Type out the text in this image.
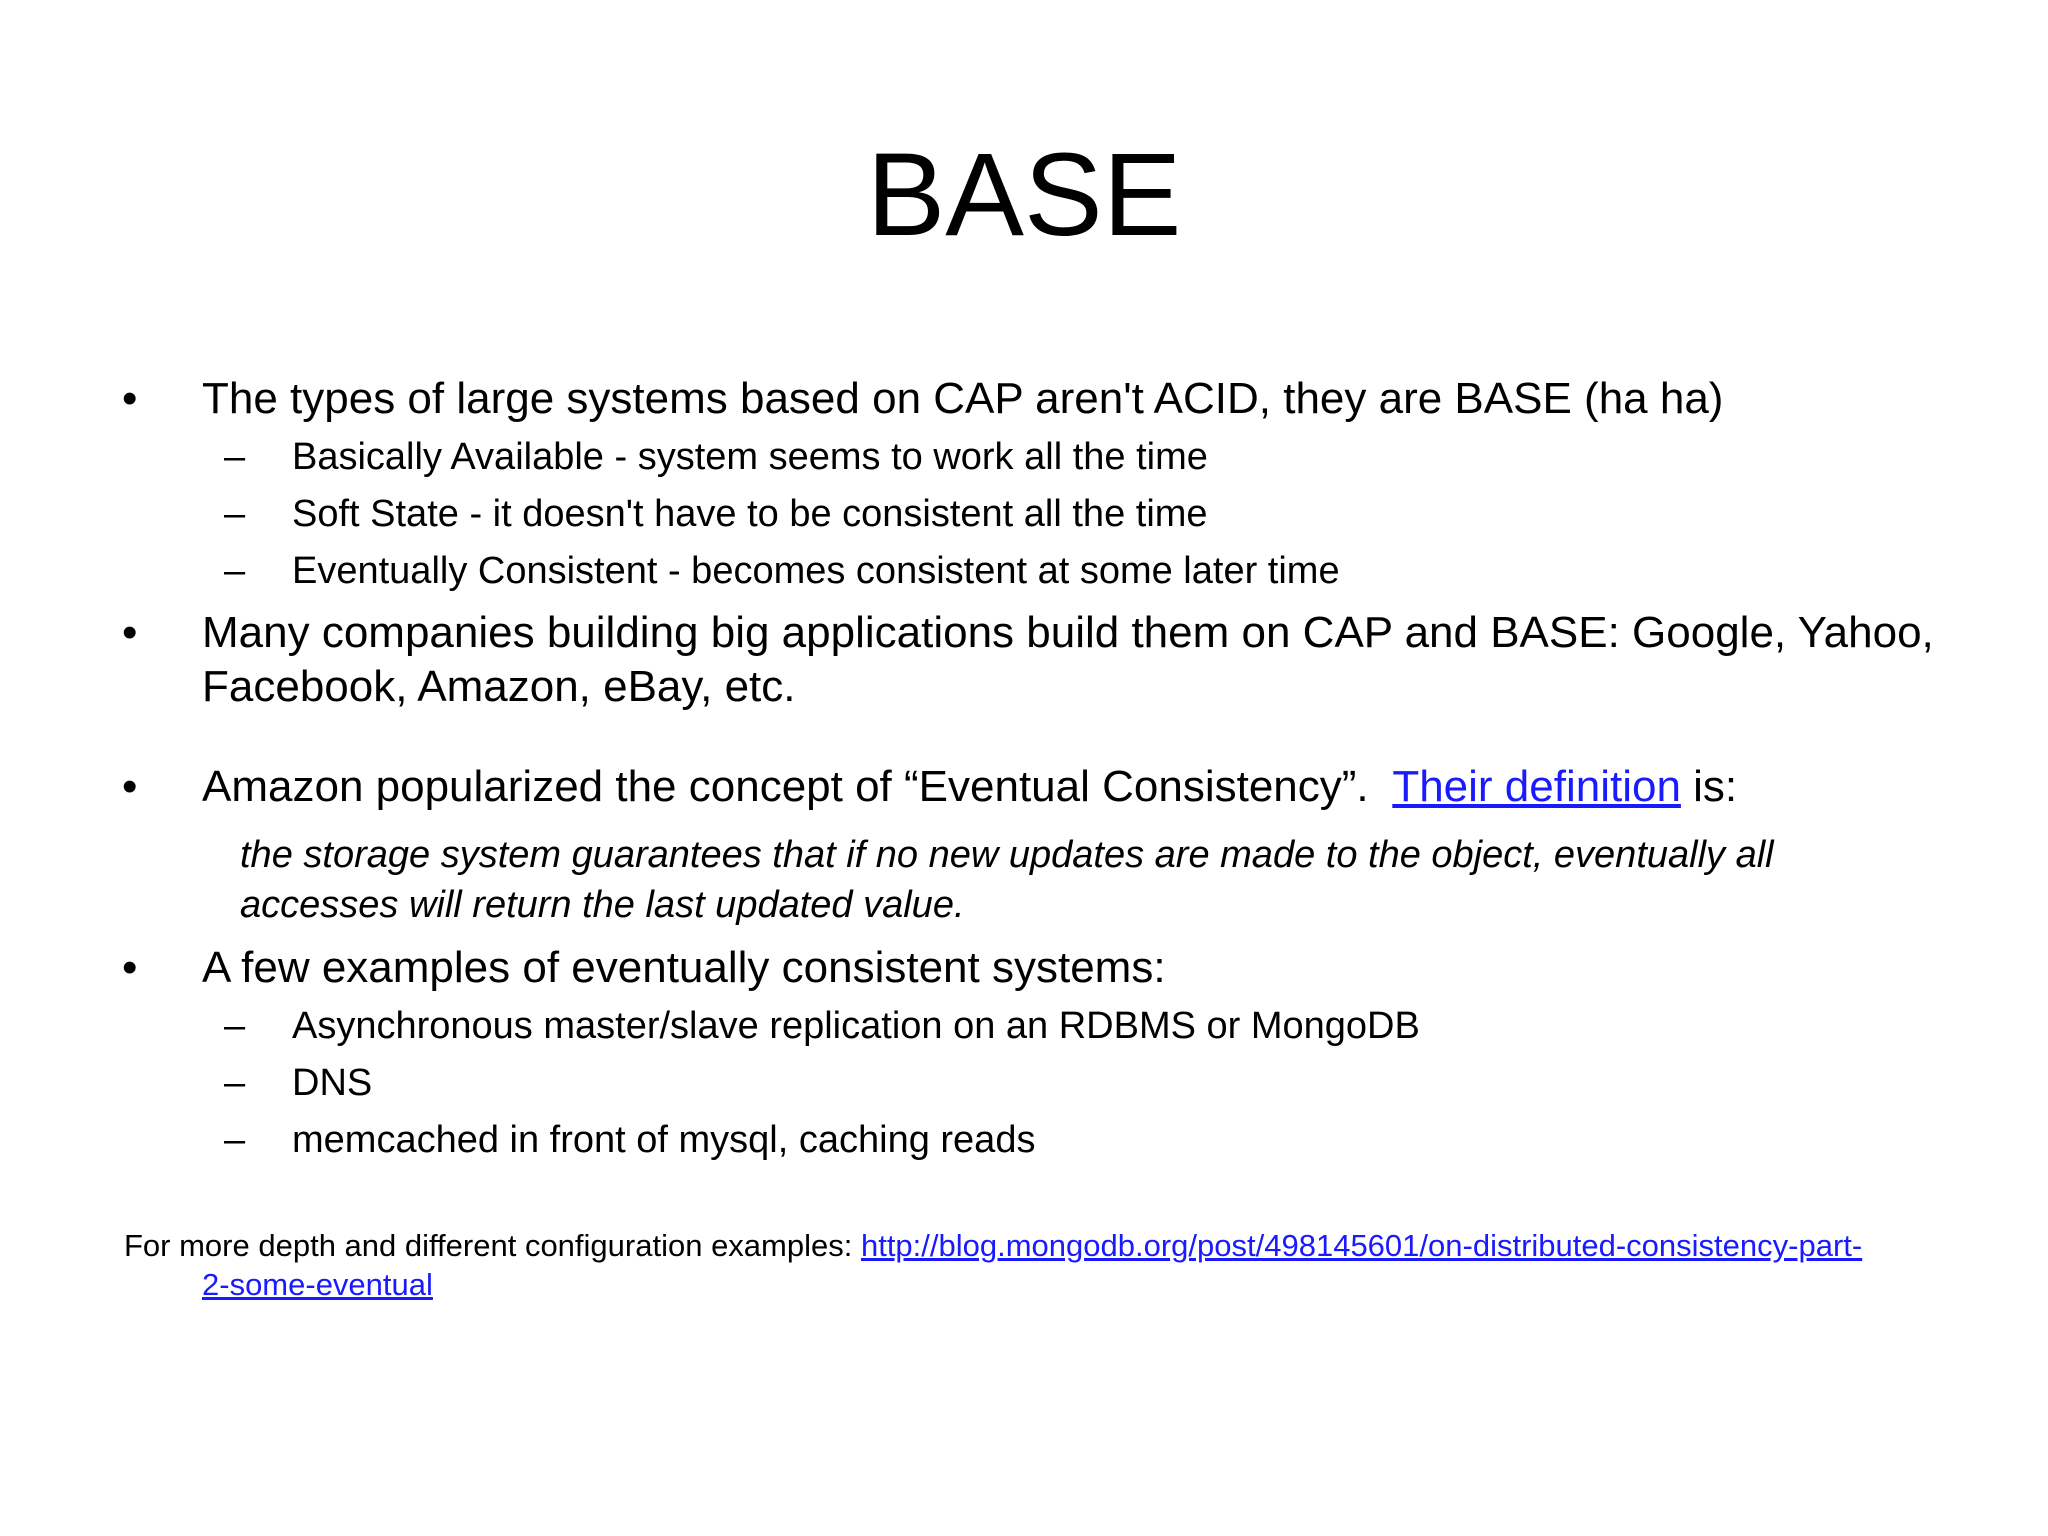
BASE
• The types of large systems based on CAP aren't ACID, they are BASE (ha ha)
– Basically Available - system seems to work all the time
– Soft State - it doesn't have to be consistent all the time
– Eventually Consistent - becomes consistent at some later time
• Many companies building big applications build them on CAP and BASE: Google, Yahoo, Facebook, Amazon, eBay, etc.
• Amazon popularized the concept of “Eventual Consistency”.  Their definition is:
the storage system guarantees that if no new updates are made to the object, eventually all accesses will return the last updated value.
• A few examples of eventually consistent systems:
– Asynchronous master/slave replication on an RDBMS or MongoDB
– DNS
– memcached in front of mysql, caching reads
For more depth and different configuration examples: http://blog.mongodb.org/post/498145601/on-distributed-consistency-part-
2-some-eventual
